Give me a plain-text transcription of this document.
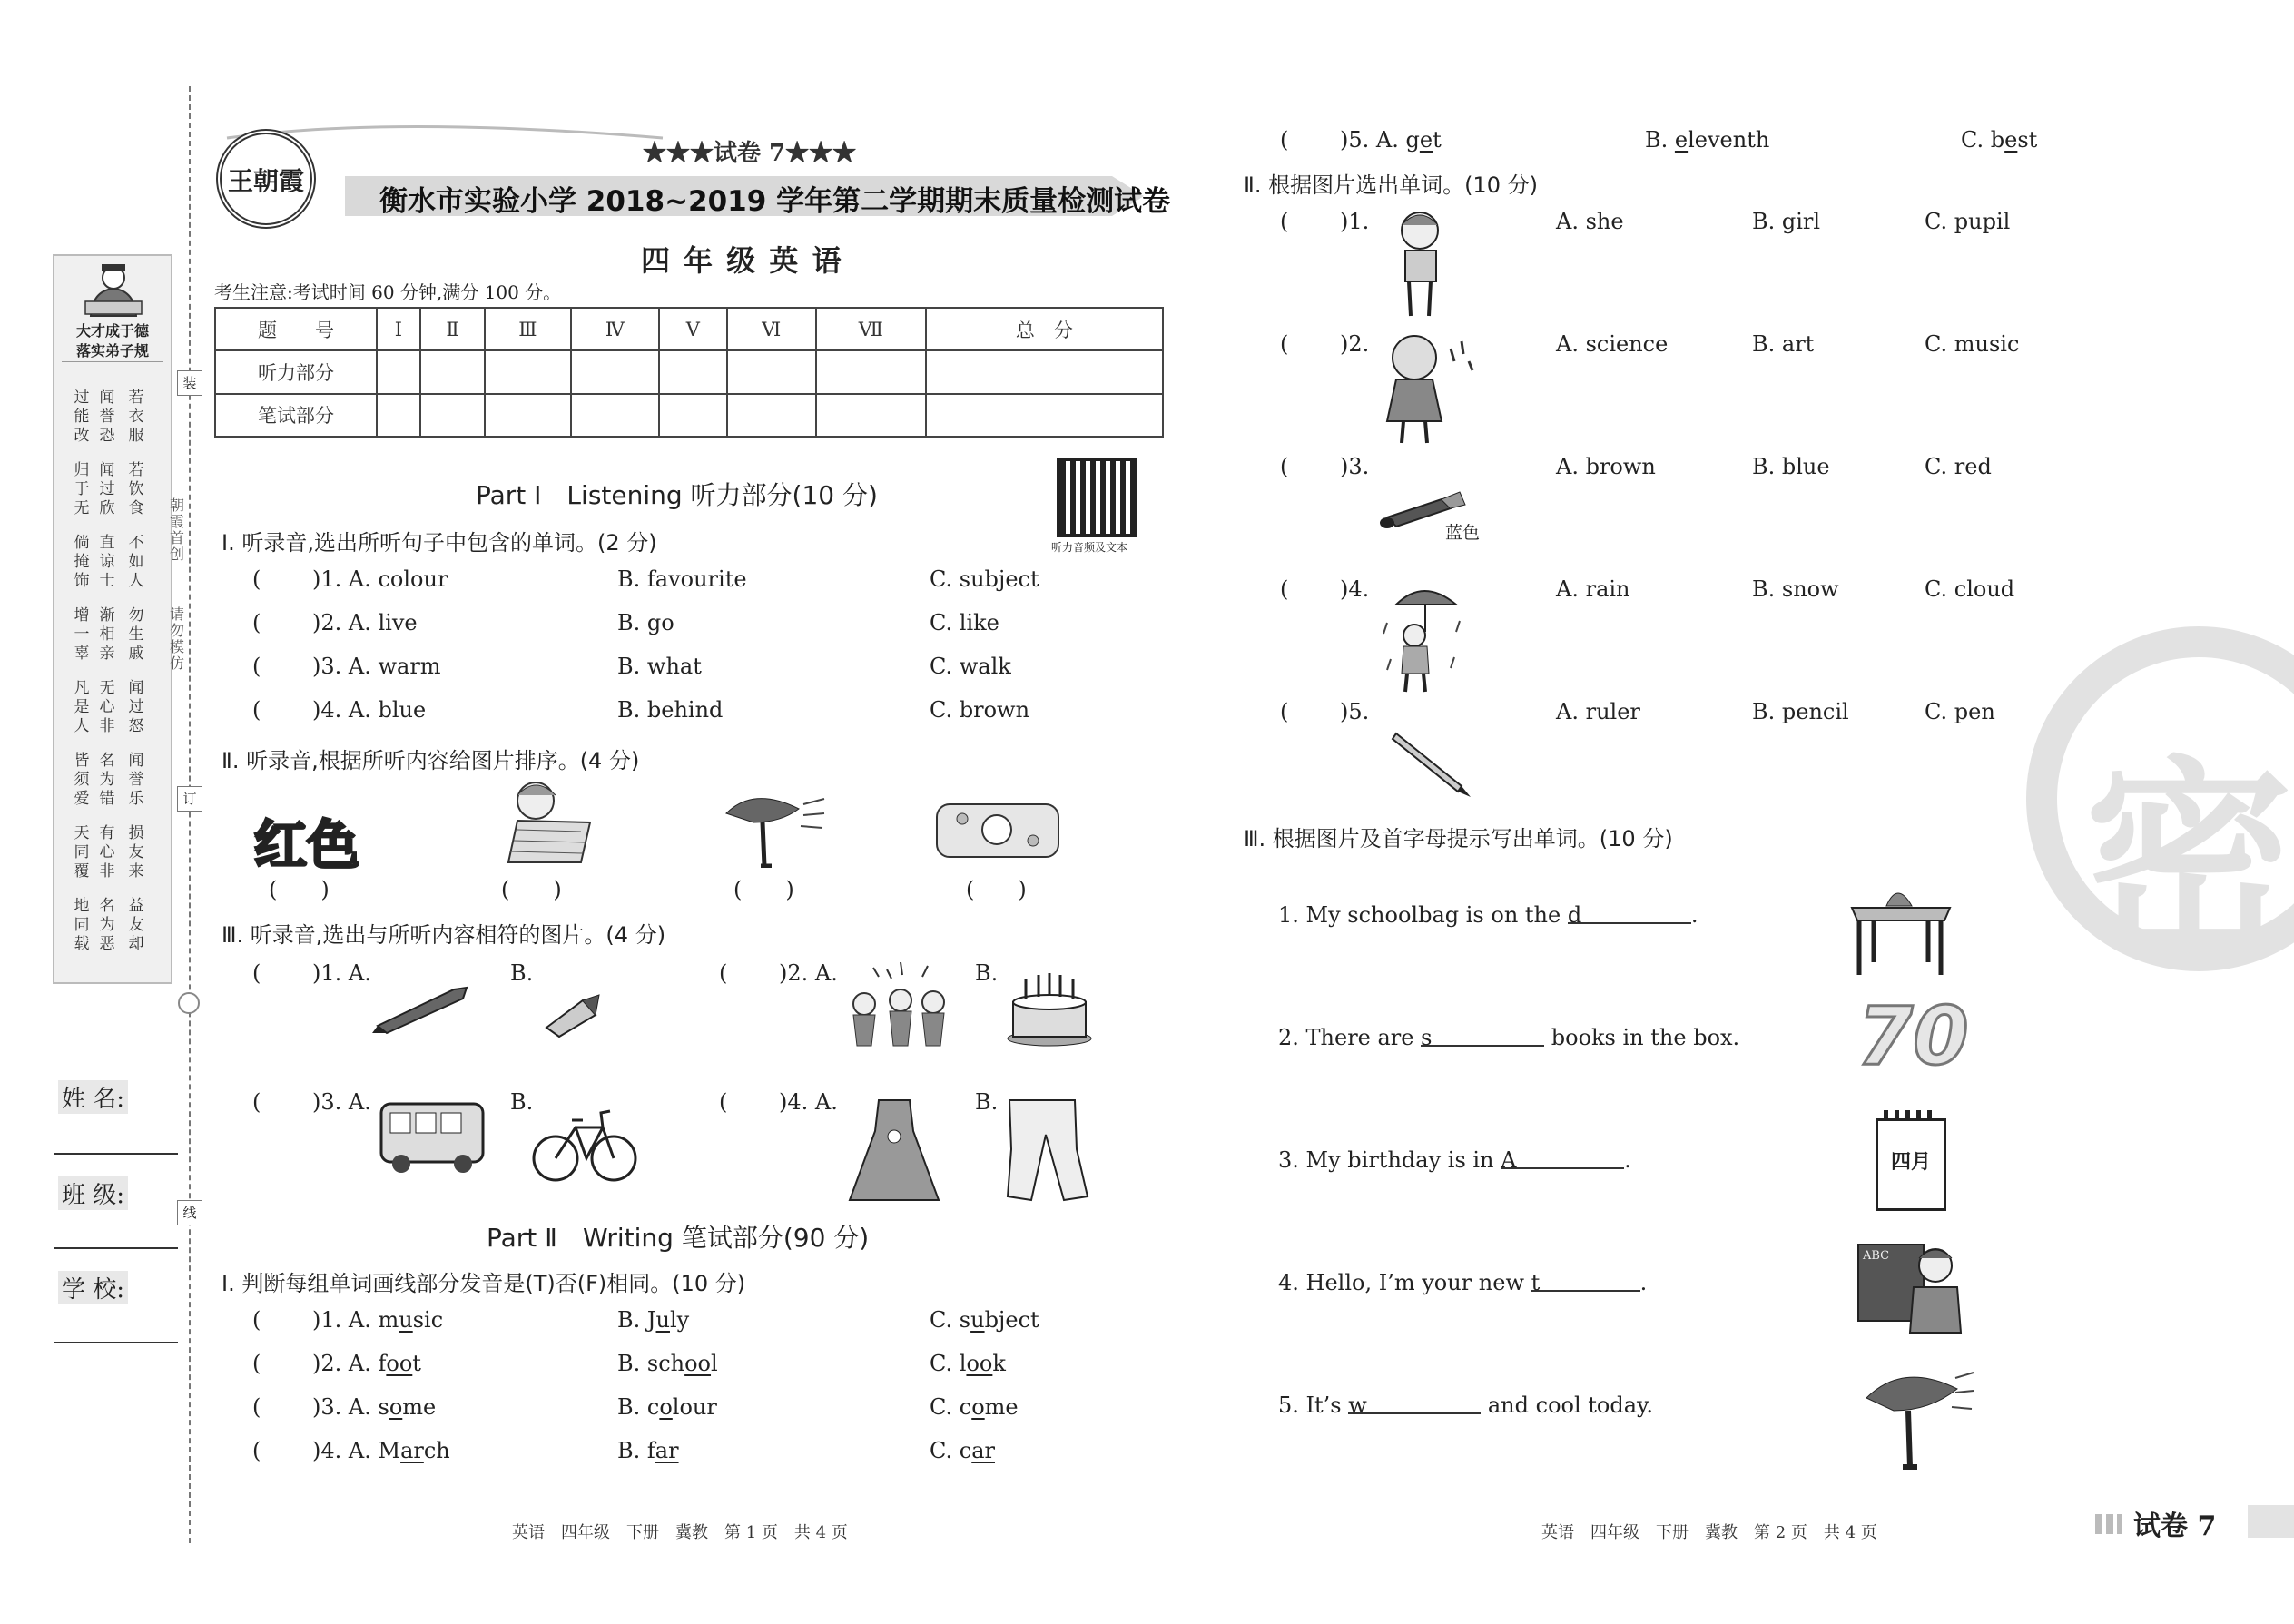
装
订
线
大才成于德
落实弟子规
过能改
闻誉恐
若衣服
归于无
闻过欣
若饮食
倘掩饰
直谅士
不如人
增一辜
渐相亲
勿生戚
凡是人
无心非
闻过怒
皆须爱
名为错
闻誉乐
天同覆
有心非
损友来
地同载
名为恶
益友却
朝霞首创
请勿模仿
姓 名:
班 级:
学 校:
王朝霞
★★★试卷 7★★★
衡水市实验小学 2018~2019 学年第二学期期末质量检测试卷
四 年 级 英 语
考生注意:考试时间 60 分钟,满分 100 分。
题　　号	Ⅰ	Ⅱ	Ⅲ	Ⅳ	Ⅴ	Ⅵ	Ⅶ	总　分
听力部分								
笔试部分								
Part Ⅰ　Listening 听力部分(10 分)
听力音频及文本
Ⅰ. 听录音,选出所听句子中包含的单词。(2 分)
( )1. A. colour	B. favourite	C. subject
( )2. A. live	B. go	C. like
( )3. A. warm	B. what	C. walk
( )4. A. blue	B. behind	C. brown
Ⅱ. 听录音,根据所听内容给图片排序。(4 分)
红色
(　　)	(　　)	(　　)	(　　)
Ⅲ. 听录音,选出与所听内容相符的图片。(4 分)
( )1. A.	B.	( )2. A.	B.
( )3. A.	B.	( )4. A.	B.
Part Ⅱ　Writing 笔试部分(90 分)
Ⅰ. 判断每组单词画线部分发音是(T)否(F)相同。(10 分)
( )1. A. music	B. July	C. subject
( )2. A. foot	B. school	C. look
( )3. A. some	B. colour	C. come
( )4. A. March	B. far	C. car
( )5. A. get	B. eleventh	C. best
英语　四年级　下册　冀教　第 1 页　共 4 页
密
Ⅱ. 根据图片选出单词。(10 分)
( )1.	A. she	B. girl	C. pupil
( )2.	A. science	B. art	C. music
( )3.	A. brown	B. blue	C. red
( )4.	A. rain	B. snow	C. cloud
( )5.	A. ruler	B. pencil	C. pen
蓝色
Ⅲ. 根据图片及首字母提示写出单词。(10 分)
1. My schoolbag is on the d	.
2. There are s	books in the box.
3. My birthday is in A	.
4. Hello, I’m your new t	.
5. It’s w	and cool today.
70
四月
ABC
英语　四年级　下册　冀教　第 2 页　共 4 页	试卷 7
